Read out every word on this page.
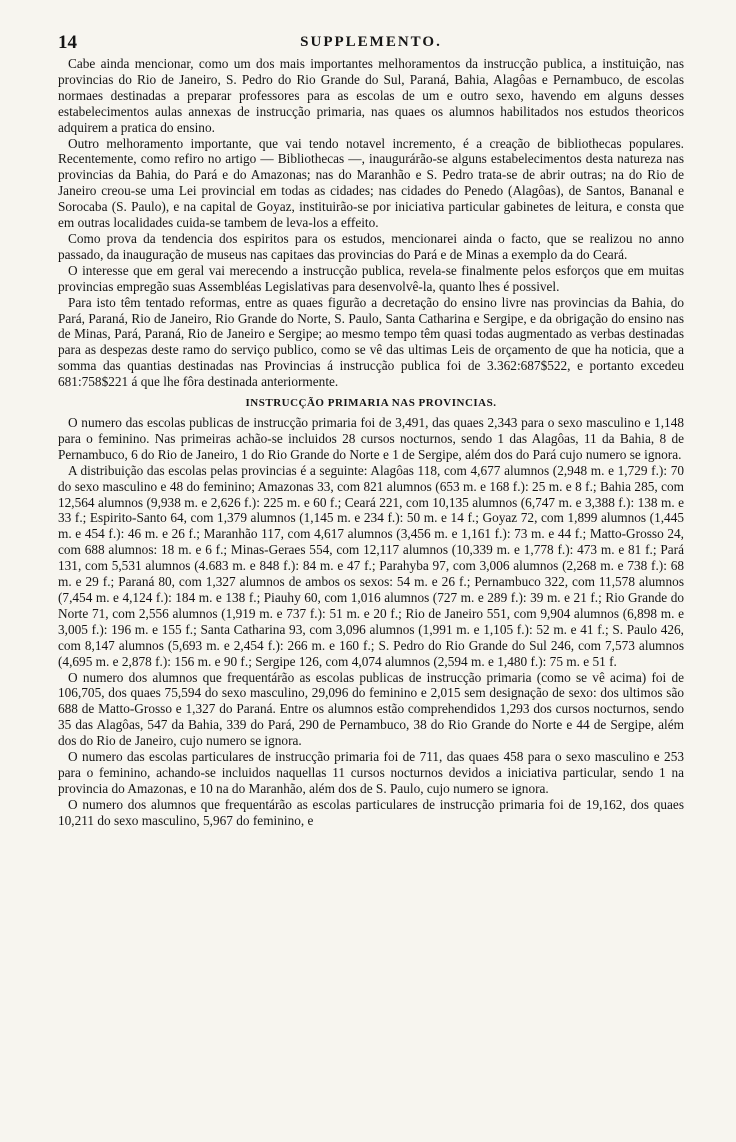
14	SUPPLEMENTO.

Cabe ainda mencionar, como um dos mais importantes melhoramentos da instrucção publica, a instituição, nas provincias do Rio de Janeiro, S. Pedro do Rio Grande do Sul, Paraná, Bahia, Alagôas e Pernambuco, de escolas normaes destinadas a preparar professores para as escolas de um e outro sexo, havendo em alguns desses estabelecimentos aulas annexas de instrucção primaria, nas quaes os alumnos habilitados nos estudos theoricos adquirem a pratica do ensino.

Outro melhoramento importante, que vai tendo notavel incremento, é a creação de bibliothecas populares. Recentemente, como refiro no artigo — Bibliothecas —, inaugurárão-se alguns estabelecimentos desta natureza nas provincias da Bahia, do Pará e do Amazonas; nas do Maranhão e S. Pedro trata-se de abrir outras; na do Rio de Janeiro creou-se uma Lei provincial em todas as cidades; nas cidades do Penedo (Alagôas), de Santos, Bananal e Sorocaba (S. Paulo), e na capital de Goyaz, instituirão-se por iniciativa particular gabinetes de leitura, e consta que em outras localidades cuida-se tambem de leva-los a effeito.

Como prova da tendencia dos espiritos para os estudos, mencionarei ainda o facto, que se realizou no anno passado, da inauguração de museus nas capitaes das provincias do Pará e de Minas a exemplo da do Ceará.

O interesse que em geral vai merecendo a instrucção publica, revela-se finalmente pelos esforços que em muitas provincias empregão suas Assembléas Legislativas para desenvolvê-la, quanto lhes é possivel.

Para isto têm tentado reformas, entre as quaes figurão a decretação do ensino livre nas provincias da Bahia, do Pará, Paraná, Rio de Janeiro, Rio Grande do Norte, S. Paulo, Santa Catharina e Sergipe, e da obrigação do ensino nas de Minas, Pará, Paraná, Rio de Janeiro e Sergipe; ao mesmo tempo têm quasi todas augmentado as verbas destinadas para as despezas deste ramo do serviço publico, como se vê das ultimas Leis de orçamento de que ha noticia, que a somma das quantias destinadas nas Provincias á instrucção publica foi de 3.362:687$522, e portanto excedeu 681:758$221 á que lhe fôra destinada anteriormente.

INSTRUCÇÃO PRIMARIA NAS PROVINCIAS.

O numero das escolas publicas de instrucção primaria foi de 3,491, das quaes 2,343 para o sexo masculino e 1,148 para o feminino. Nas primeiras achão-se incluidos 28 cursos nocturnos, sendo 1 das Alagôas, 11 da Bahia, 8 de Pernambuco, 6 do Rio de Janeiro, 1 do Rio Grande do Norte e 1 de Sergipe, além dos do Pará cujo numero se ignora.

A distribuição das escolas pelas provincias é a seguinte: Alagôas 118, com 4,677 alumnos (2,948 m. e 1,729 f.): 70 do sexo masculino e 48 do feminino; Amazonas 33, com 821 alumnos (653 m. e 168 f.): 25 m. e 8 f.; Bahia 285, com 12,564 alumnos (9,938 m. e 2,626 f.): 225 m. e 60 f.; Ceará 221, com 10,135 alumnos (6,747 m. e 3,388 f.): 138 m. e 33 f.; Espirito-Santo 64, com 1,379 alumnos (1,145 m. e 234 f.): 50 m. e 14 f.; Goyaz 72, com 1,899 alumnos (1,445 m. e 454 f.): 46 m. e 26 f.; Maranhão 117, com 4,617 alumnos (3,456 m. e 1,161 f.): 73 m. e 44 f.; Matto-Grosso 24, com 688 alumnos: 18 m. e 6 f.; Minas-Geraes 554, com 12,117 alumnos (10,339 m. e 1,778 f.): 473 m. e 81 f.; Pará 131, com 5,531 alumnos (4.683 m. e 848 f.): 84 m. e 47 f.; Parahyba 97, com 3,006 alumnos (2,268 m. e 738 f.): 68 m. e 29 f.; Paraná 80, com 1,327 alumnos de ambos os sexos: 54 m. e 26 f.; Pernambuco 322, com 11,578 alumnos (7,454 m. e 4,124 f.): 184 m. e 138 f.; Piauhy 60, com 1,016 alumnos (727 m. e 289 f.): 39 m. e 21 f.; Rio Grande do Norte 71, com 2,556 alumnos (1,919 m. e 737 f.): 51 m. e 20 f.; Rio de Janeiro 551, com 9,904 alumnos (6,898 m. e 3,005 f.): 196 m. e 155 f.; Santa Catharina 93, com 3,096 alumnos (1,991 m. e 1,105 f.): 52 m. e 41 f.; S. Paulo 426, com 8,147 alumnos (5,693 m. e 2,454 f.): 266 m. e 160 f.; S. Pedro do Rio Grande do Sul 246, com 7,573 alumnos (4,695 m. e 2,878 f.): 156 m. e 90 f.; Sergipe 126, com 4,074 alumnos (2,594 m. e 1,480 f.): 75 m. e 51 f.

O numero dos alumnos que frequentárão as escolas publicas de instrucção primaria (como se vê acima) foi de 106,705, dos quaes 75,594 do sexo masculino, 29,096 do feminino e 2,015 sem designação de sexo: dos ultimos são 688 de Matto-Grosso e 1,327 do Paraná. Entre os alumnos estão comprehendidos 1,293 dos cursos nocturnos, sendo 35 das Alagôas, 547 da Bahia, 339 do Pará, 290 de Pernambuco, 38 do Rio Grande do Norte e 44 de Sergipe, além dos do Rio de Janeiro, cujo numero se ignora.

O numero das escolas particulares de instrucção primaria foi de 711, das quaes 458 para o sexo masculino e 253 para o feminino, achando-se incluidos naquellas 11 cursos nocturnos devidos a iniciativa particular, sendo 1 na provincia do Amazonas, e 10 na do Maranhão, além dos de S. Paulo, cujo numero se ignora.

O numero dos alumnos que frequentárão as escolas particulares de instrucção primaria foi de 19,162, dos quaes 10,211 do sexo masculino, 5,967 do feminino, e
